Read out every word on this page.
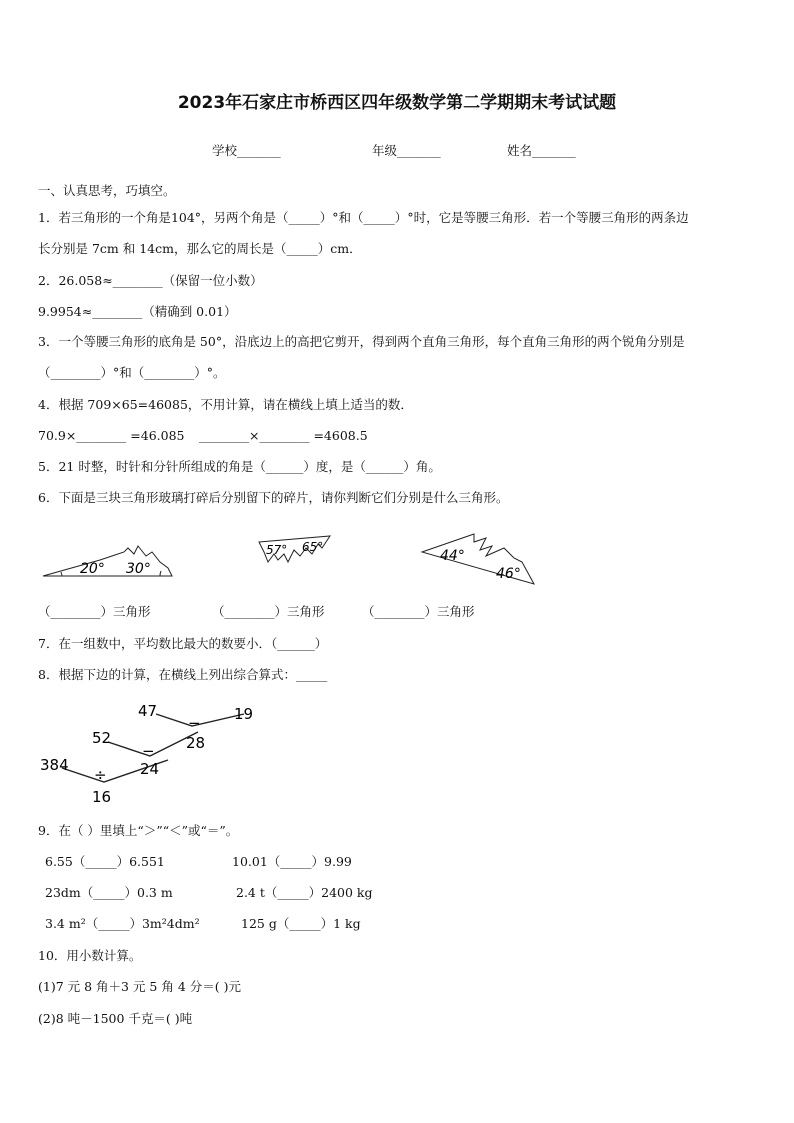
2023年石家庄市桥西区四年级数学第二学期期末考试试题
学校_______	年级_______	姓名_______
一、认真思考，巧填空。
1．若三角形的一个角是104°，另两个角是（_____）°和（_____）°时，它是等腰三角形．若一个等腰三角形的两条边
长分别是 7cm 和 14cm，那么它的周长是（_____）cm．
2．26.058≈________（保留一位小数）
9.9954≈________（精确到 0.01）
3．一个等腰三角形的底角是 50°，沿底边上的高把它剪开，得到两个直角三角形，每个直角三角形的两个锐角分别是
（________）°和（________）°。
4．根据 709×65=46085，不用计算，请在横线上填上适当的数．
70.9×________ =46.085 ________×________ =4608.5
5．21 时整，时针和分针所组成的角是（______）度，是（______）角。
6．下面是三块三角形玻璃打碎后分别留下的碎片，请你判断它们分别是什么三角形。
20° 30°
57° 65°
44°
46°
（________）三角形	（________）三角形	（________）三角形
7．在一组数中，平均数比最大的数要小．（______）
8．根据下边的计算，在横线上列出综合算式：_____
47	19
−
28
52
−
24
384
÷
16
9．在（ ）里填上“＞”“＜”或“＝”。
6.55（_____）6.551	10.01（_____）9.99
23dm（_____）0.3 m	2.4 t（_____）2400 kg
3.4 m²（_____）3m²4dm²	125 g（_____）1 kg
10．用小数计算。
(1)7 元 8 角＋3 元 5 角 4 分＝( )元
(2)8 吨－1500 千克＝( )吨
